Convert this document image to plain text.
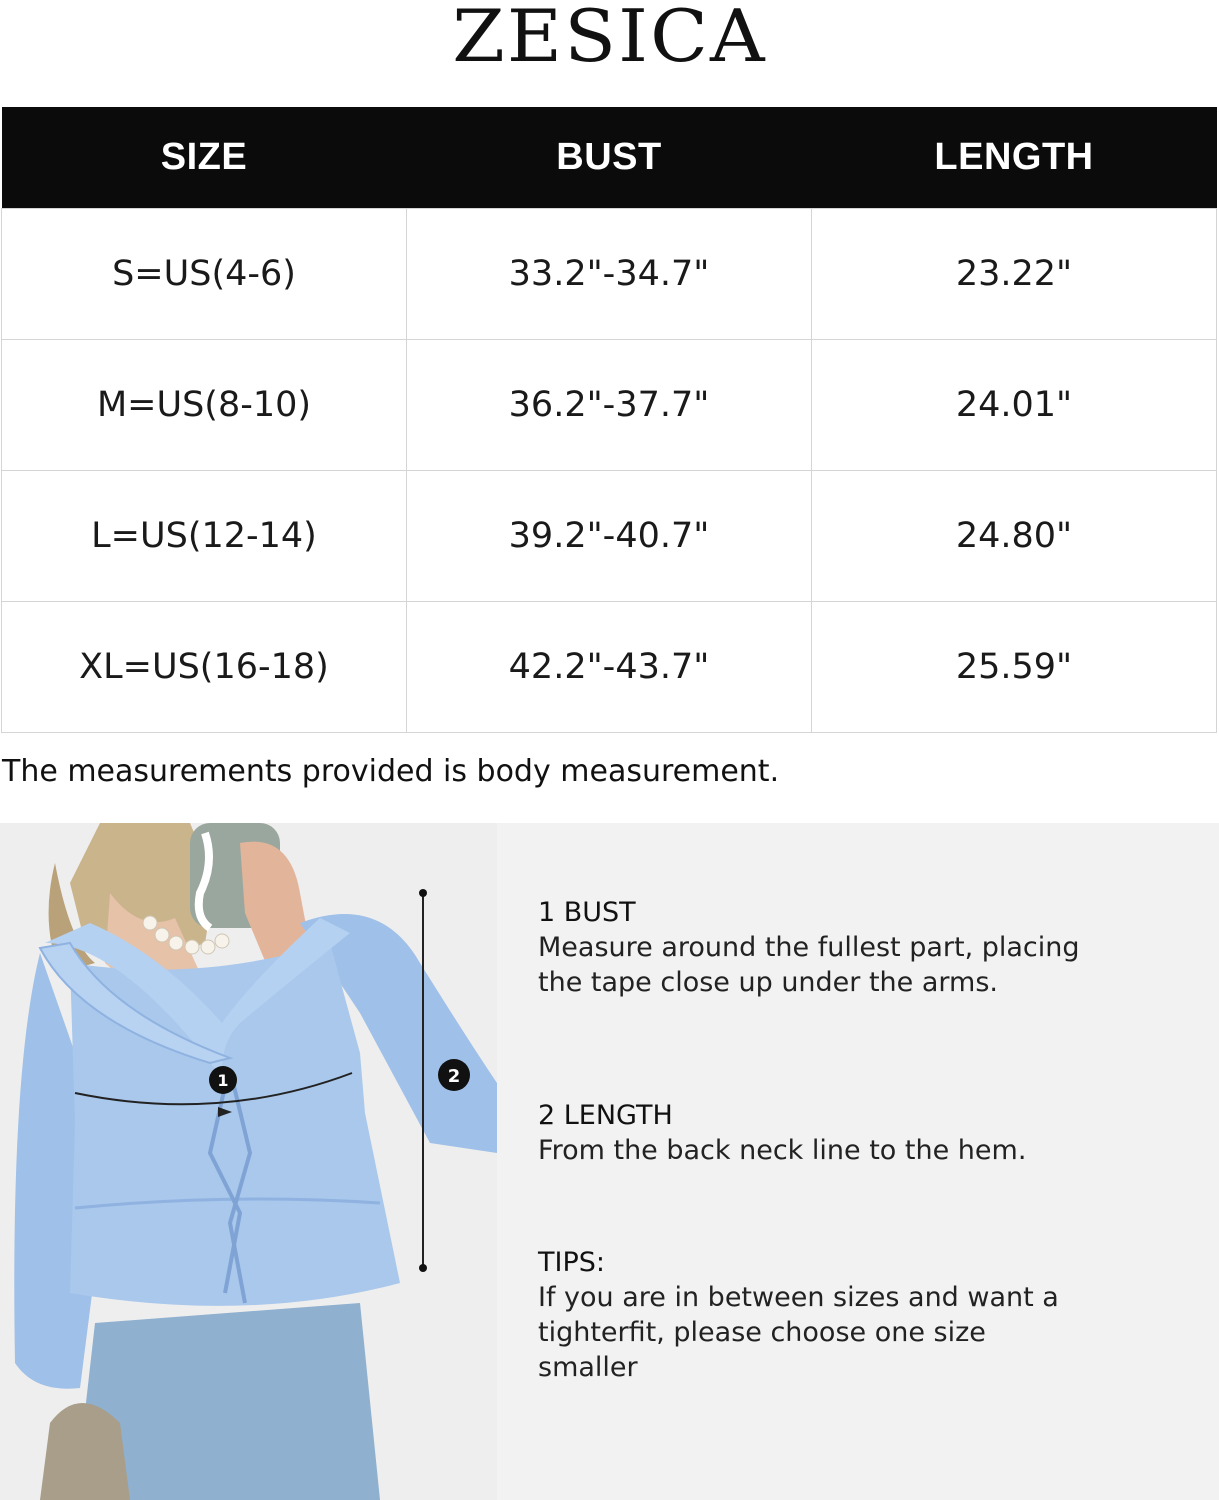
ZESICA
SIZE	BUST	LENGTH
S=US(4-6)	33.2"-34.7"	23.22"
M=US(8-10)	36.2"-37.7"	24.01"
L=US(12-14)	39.2"-40.7"	24.80"
XL=US(16-18)	42.2"-43.7"	25.59"
The measurements provided is body measurement.
1	2
1 BUST
Measure around the fullest part, placing
the tape close up under the arms.
2 LENGTH
From the back neck line to the hem.
TIPS:
If you are in between sizes and want a
tighterfit, please choose one size
smaller
